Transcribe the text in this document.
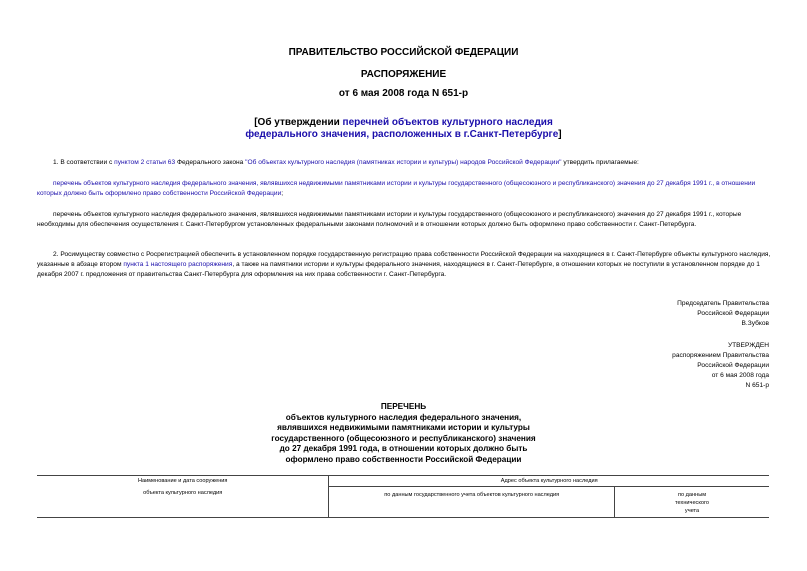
ПРАВИТЕЛЬСТВО РОССИЙСКОЙ ФЕДЕРАЦИИ
РАСПОРЯЖЕНИЕ
от 6 мая 2008 года N 651-р
[Об утверждении перечней объектов культурного наследия
федерального значения, расположенных в г.Санкт-Петербурге]
1. В соответствии с пунктом 2 статьи 63 Федерального закона "Об объектах культурного наследия (памятниках истории и культуры) народов Российской Федерации" утвердить прилагаемые:
перечень объектов культурного наследия федерального значения, являвшихся недвижимыми памятниками истории и культуры государственного (общесоюзного и республиканского) значения до 27 декабря 1991 г., в отношении которых должно быть оформлено право собственности Российской Федерации;
перечень объектов культурного наследия федерального значения, являвшихся недвижимыми памятниками истории и культуры государственного (общесоюзного и республиканского) значения до 27 декабря 1991 г., которые необходимы для обеспечения осуществления г. Санкт-Петербургом установленных федеральными законами полномочий и в отношении которых должно быть оформлено право собственности г. Санкт-Петербурга.
2. Росимуществу совместно с Росрегистрацией обеспечить в установленном порядке государственную регистрацию права собственности Российской Федерации на находящиеся в г. Санкт-Петербурге объекты культурного наследия, указанные в абзаце втором пункта 1 настоящего распоряжения, а также на памятники истории и культуры федерального значения, находящиеся в г. Санкт-Петербурге, в отношении которых не поступили в установленном порядке до 1 декабря 2007 г. предложения от правительства Санкт-Петербурга для оформления на них права собственности г. Санкт-Петербурга.
Председатель Правительства
Российской Федерации
В.Зубков
УТВЕРЖДЕН
распоряжением Правительства
Российской Федерации
от 6 мая 2008 года
N 651-р
ПЕРЕЧЕНЬ
объектов культурного наследия федерального значения,
являвшихся недвижимыми памятниками истории и культуры
государственного (общесоюзного и республиканского) значения
до 27 декабря 1991 года, в отношении которых должно быть
оформлено право собственности Российской Федерации
Наименование и дата сооружения
объекта культурного наследия	Адрес объекта культурного наследия	
	по данным государственного учета объектов культурного наследия	по данным технического учета
